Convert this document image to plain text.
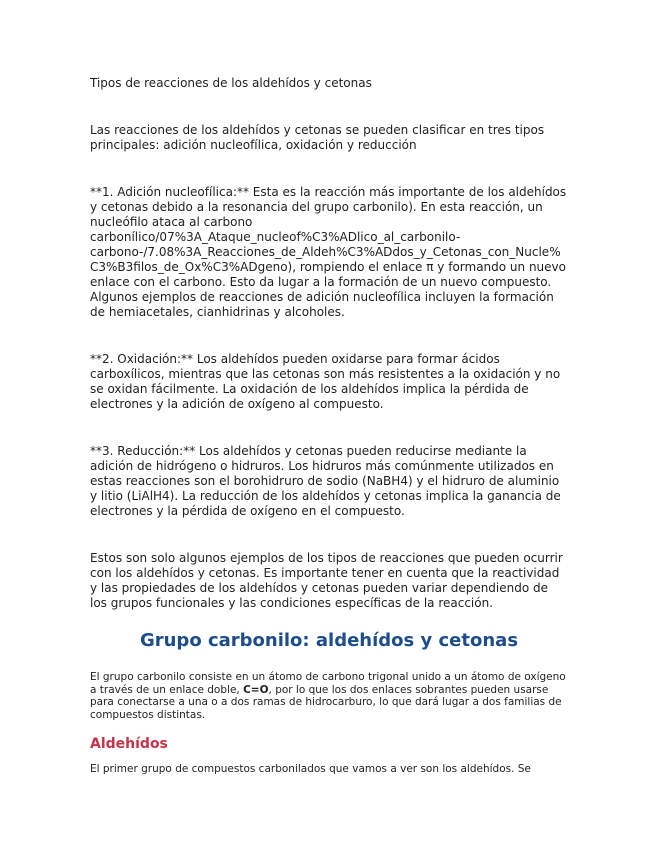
Tipos de reacciones de los aldehídos y cetonas

Las reacciones de los aldehídos y cetonas se pueden clasificar en tres tipos principales: adición nucleofílica, oxidación y reducción

**1. Adición nucleofílica:** Esta es la reacción más importante de los aldehídos y cetonas debido a la resonancia del grupo carbonilo). En esta reacción, un nucleófilo ataca al carbono carbonílico/07%3A_Ataque_nucleof%C3%ADlico_al_carbonilo-carbono-/7.08%3A_Reacciones_de_Aldeh%C3%ADdos_y_Cetonas_con_Nucle%C3%B3filos_de_Ox%C3%ADgeno), rompiendo el enlace π y formando un nuevo enlace con el carbono. Esto da lugar a la formación de un nuevo compuesto. Algunos ejemplos de reacciones de adición nucleofílica incluyen la formación de hemiacetales, cianhidrinas y alcoholes.

**2. Oxidación:** Los aldehídos pueden oxidarse para formar ácidos carboxílicos, mientras que las cetonas son más resistentes a la oxidación y no se oxidan fácilmente. La oxidación de los aldehídos implica la pérdida de electrones y la adición de oxígeno al compuesto.

**3. Reducción:** Los aldehídos y cetonas pueden reducirse mediante la adición de hidrógeno o hidruros. Los hidruros más comúnmente utilizados en estas reacciones son el borohidruro de sodio (NaBH4) y el hidruro de aluminio y litio (LiAlH4). La reducción de los aldehídos y cetonas implica la ganancia de electrones y la pérdida de oxígeno en el compuesto.

Estos son solo algunos ejemplos de los tipos de reacciones que pueden ocurrir con los aldehídos y cetonas. Es importante tener en cuenta que la reactividad y las propiedades de los aldehídos y cetonas pueden variar dependiendo de los grupos funcionales y las condiciones específicas de la reacción.

Grupo carbonilo: aldehídos y cetonas

El grupo carbonilo consiste en un átomo de carbono trigonal unido a un átomo de oxígeno a través de un enlace doble, C=O, por lo que los dos enlaces sobrantes pueden usarse para conectarse a una o a dos ramas de hidrocarburo, lo que dará lugar a dos familias de compuestos distintas.

Aldehídos

El primer grupo de compuestos carbonilados que vamos a ver son los aldehídos. Se
